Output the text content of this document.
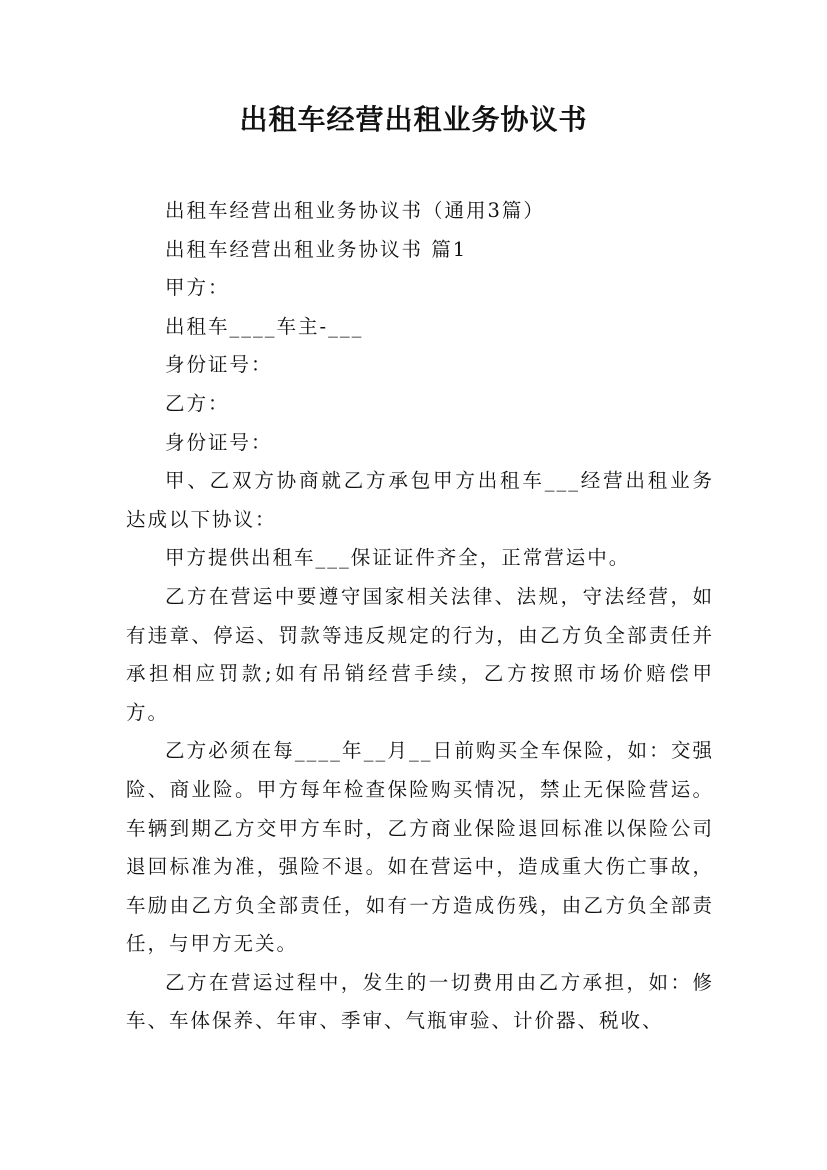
出租车经营出租业务协议书

出租车经营出租业务协议书（通用3篇）

出租车经营出租业务协议书 篇1

甲方：

出租车____车主-___

身份证号：

乙方：

身份证号：

甲、乙双方协商就乙方承包甲方出租车___经营出租业务达成以下协议：

甲方提供出租车___保证证件齐全，正常营运中。

乙方在营运中要遵守国家相关法律、法规，守法经营，如有违章、停运、罚款等违反规定的行为，由乙方负全部责任并承担相应罚款;如有吊销经营手续，乙方按照市场价赔偿甲方。

乙方必须在每____年__月__日前购买全车保险，如：交强险、商业险。甲方每年检查保险购买情况，禁止无保险营运。车辆到期乙方交甲方车时，乙方商业保险退回标准以保险公司退回标准为准，强险不退。如在营运中，造成重大伤亡事故，车励由乙方负全部责任，如有一方造成伤残，由乙方负全部责任，与甲方无关。

乙方在营运过程中，发生的一切费用由乙方承担，如：修车、车体保养、年审、季审、气瓶审验、计价器、税收、
